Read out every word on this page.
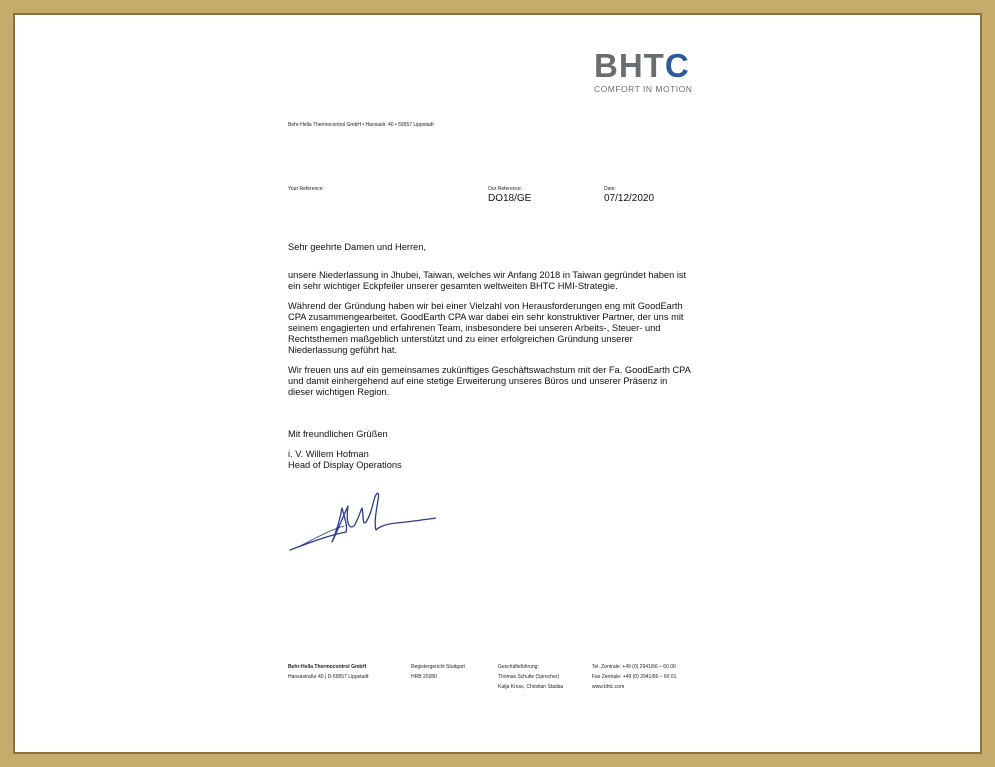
BHTC
COMFORT IN MOTION
Behr-Hella Thermocontrol GmbH • Hansastr. 40 • 59557 Lippstadt
Your Reference:	Our Reference:
DO18/GE
Date:
07/12/2020

Sehr geehrte Damen und Herren,

unsere Niederlassung in Jhubei, Taiwan, welches wir Anfang 2018 in Taiwan gegründet haben ist ein sehr wichtiger Eckpfeiler unserer gesamten weltweiten BHTC HMI-Strategie.

Während der Gründung haben wir bei einer Vielzahl von Herausforderungen eng mit GoodEarth CPA zusammengearbeitet. GoodEarth CPA war dabei ein sehr konstruktiver Partner, der uns mit seinem engagierten und erfahrenen Team, insbesondere bei unseren Arbeits-, Steuer- und Rechtsthemen maßgeblich unterstützt und zu einer erfolgreichen Gründung unserer Niederlassung geführt hat.

Wir freuen uns auf ein gemeinsames zukünftiges Geschäftswachstum mit der Fa. GoodEarth CPA und damit einhergehend auf eine stetige Erweiterung unseres Büros und unserer Präsenz in dieser wichtigen Region.

Mit freundlichen Grüßen
i. V. Willem Hofman
Head of Display Operations
Behr-Hella Thermocontrol GmbH
Hansastraße 40 | D-59557 Lippstadt
Registergericht Stuttgart
HRB 20280
Geschäftsführung:
Thomas Schulte (Sprecher)
Katja Kross, Christian Stadau
Tel. Zentrale: +49 (0) 2941/66 – 60 00
Fax Zentrale: +49 (0) 2941/66 – 60 01
www.bhtc.com
